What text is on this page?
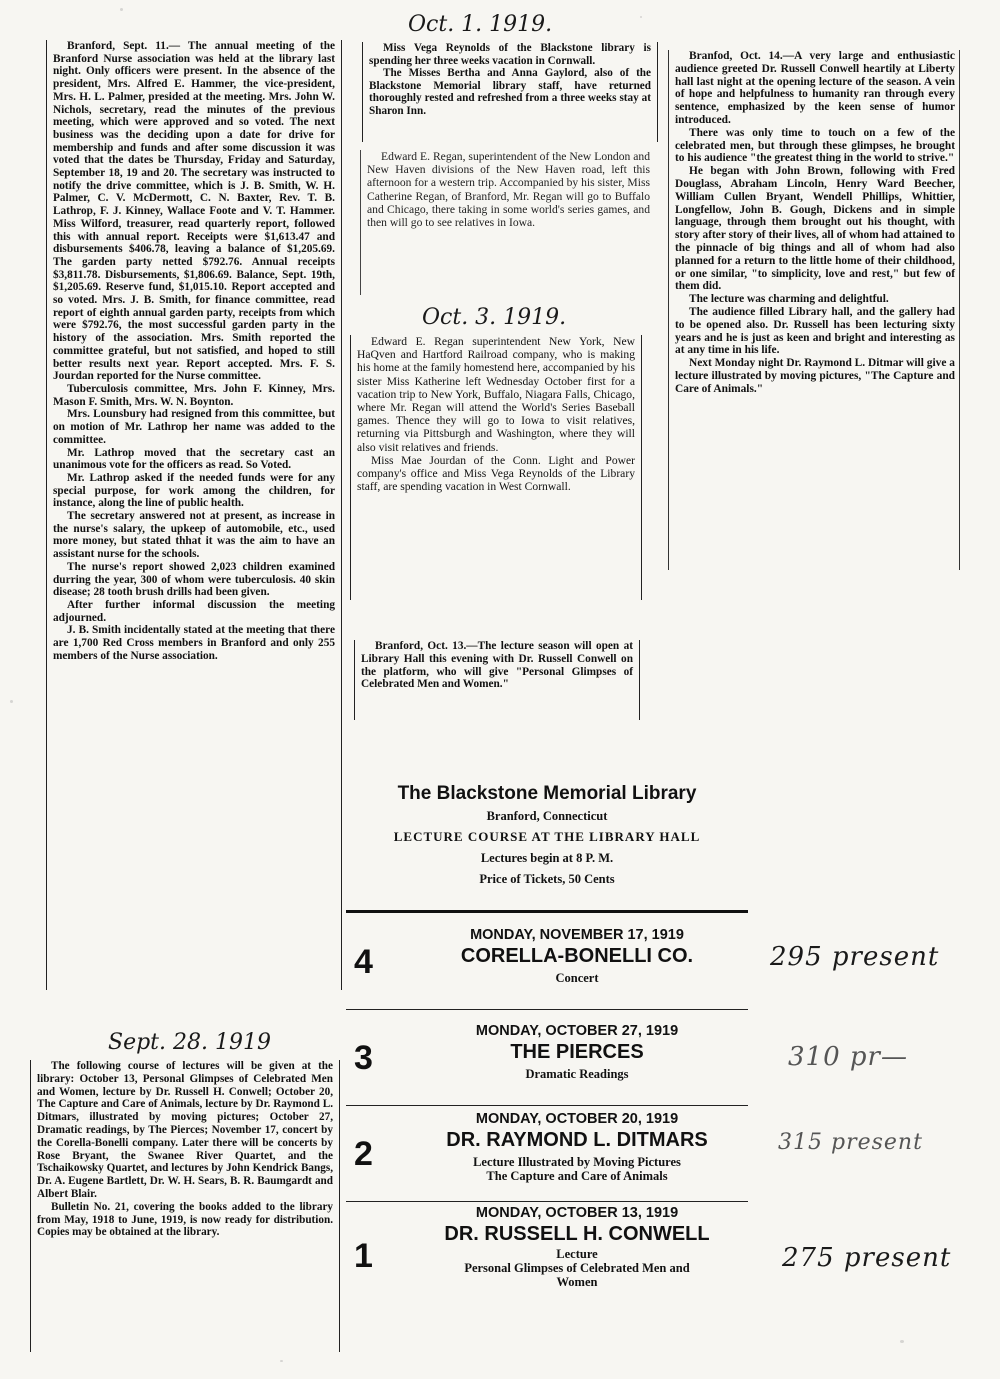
Oct. 1. 1919.
Oct. 3. 1919.
Sept. 28. 1919

Branford, Sept. 11.— The annual meeting of the Branford Nurse association was held at the library last night. Only officers were present. In the absence of the president, Mrs. Alfred E. Hammer, the vice-president, Mrs. H. L. Palmer, presided at the meeting. Mrs. John W. Nichols, secretary, read the minutes of the previous meeting, which were approved and so voted. The next business was the deciding upon a date for drive for membership and funds and after some discussion it was voted that the dates be Thursday, Friday and Saturday, September 18, 19 and 20. The secretary was instructed to notify the drive committee, which is J. B. Smith, W. H. Palmer, C. V. McDermott, C. N. Baxter, Rev. T. B. Lathrop, F. J. Kinney, Wallace Foote and V. T. Hammer. Miss Wilford, treasurer, read quarterly report, followed this with annual report. Receipts were $1,613.47 and disbursements $406.78, leaving a balance of $1,205.69. The garden party netted $792.76. Annual receipts $3,811.78. Disbursements, $1,806.69. Balance, Sept. 19th, $1,205.69. Reserve fund, $1,015.10. Report accepted and so voted. Mrs. J. B. Smith, for finance committee, read report of eighth annual garden party, receipts from which were $792.76, the most successful garden party in the history of the association. Mrs. Smith reported the committee grateful, but not satisfied, and hoped to still better results next year. Report accepted. Mrs. F. S. Jourdan reported for the Nurse committee.

Tuberculosis committee, Mrs. John F. Kinney, Mrs. Mason F. Smith, Mrs. W. N. Boynton.

Mrs. Lounsbury had resigned from this committee, but on motion of Mr. Lathrop her name was added to the committee.

Mr. Lathrop moved that the secretary cast an unanimous vote for the officers as read. So Voted.

Mr. Lathrop asked if the needed funds were for any special purpose, for work among the children, for instance, along the line of public health.

The secretary answered not at present, as increase in the nurse's salary, the upkeep of automobile, etc., used more money, but stated thhat it was the aim to have an assistant nurse for the schools.

The nurse's report showed 2,023 children examined durring the year, 300 of whom were tuberculosis. 40 skin disease; 28 tooth brush drills had been given.

After further informal discussion the meeting adjourned.

J. B. Smith incidentally stated at the meeting that there are 1,700 Red Cross members in Branford and only 255 members of the Nurse association.

The following course of lectures will be given at the library: October 13, Personal Glimpses of Celebrated Men and Women, lecture by Dr. Russell H. Conwell; October 20, The Capture and Care of Animals, lecture by Dr. Raymond L. Ditmars, illustrated by moving pictures; October 27, Dramatic readings, by The Pierces; November 17, concert by the Corella-Bonelli company. Later there will be concerts by Rose Bryant, the Swanee River Quartet, and the Tschaikowsky Quartet, and lectures by John Kendrick Bangs, Dr. A. Eugene Bartlett, Dr. W. H. Sears, B. R. Baumgardt and Albert Blair.

Bulletin No. 21, covering the books added to the library from May, 1918 to June, 1919, is now ready for distribution. Copies may be obtained at the library.

Miss Vega Reynolds of the Blackstone library is spending her three weeks vacation in Cornwall.

The Misses Bertha and Anna Gaylord, also of the Blackstone Memorial library staff, have returned thoroughly rested and refreshed from a three weeks stay at Sharon Inn.

Edward E. Regan, superintendent of the New London and New Haven divisions of the New Haven road, left this afternoon for a western trip. Accompanied by his sister, Miss Catherine Regan, of Branford, Mr. Regan will go to Buffalo and Chicago, there taking in some world's series games, and then will go to see relatives in Iowa.

Edward E. Regan superintendent New York, New HaQven and Hartford Railroad company, who is making his home at the family homestend here, accompanied by his sister Miss Katherine left Wednesday October first for a vacation trip to New York, Buffalo, Niagara Falls, Chicago, where Mr. Regan will attend the World's Series Baseball games. Thence they will go to Iowa to visit relatives, returning via Pittsburgh and Washington, where they will also visit relatives and friends.

Miss Mae Jourdan of the Conn. Light and Power company's office and Miss Vega Reynolds of the Library staff, are spending vacation in West Cornwall.

Branford, Oct. 13.—The lecture season will open at Library Hall this evening with Dr. Russell Conwell on the platform, who will give "Personal Glimpses of Celebrated Men and Women."

Branfod, Oct. 14.—A very large and enthusiastic audience greeted Dr. Russell Conwell heartily at Liberty hall last night at the opening lecture of the season. A vein of hope and helpfulness to humanity ran through every sentence, emphasized by the keen sense of humor introduced.

There was only time to touch on a few of the celebrated men, but through these glimpses, he brought to his audience "the greatest thing in the world to strive."

He began with John Brown, following with Fred Douglass, Abraham Lincoln, Henry Ward Beecher, William Cullen Bryant, Wendell Phillips, Whittier, Longfellow, John B. Gough, Dickens and in simple language, through them brought out his thought, with story after story of their lives, all of whom had attained to the pinnacle of big things and all of whom had also planned for a return to the little home of their childhood, or one similar, "to simplicity, love and rest," but few of them did.

The lecture was charming and delightful.

The audience filled Library hall, and the gallery had to be opened also. Dr. Russell has been lecturing sixty years and he is just as keen and bright and interesting as at any time in his life.

Next Monday night Dr. Raymond L. Ditmar will give a lecture illustrated by moving pictures, "The Capture and Care of Animals."

The Blackstone Memorial Library
Branford, Connecticut
LECTURE COURSE AT THE LIBRARY HALL
Lectures begin at 8 P. M.
Price of Tickets, 50 Cents
4
MONDAY, NOVEMBER 17, 1919
CORELLA-BONELLI CO.
Concert
3
MONDAY, OCTOBER 27, 1919
THE PIERCES
Dramatic Readings
2
MONDAY, OCTOBER 20, 1919
DR. RAYMOND L. DITMARS
Lecture Illustrated by Moving Pictures
The Capture and Care of Animals
1
MONDAY, OCTOBER 13, 1919
DR. RUSSELL H. CONWELL
Lecture
Personal Glimpses of Celebrated Men and Women
295 present
310 pr—
315 present
275 present
